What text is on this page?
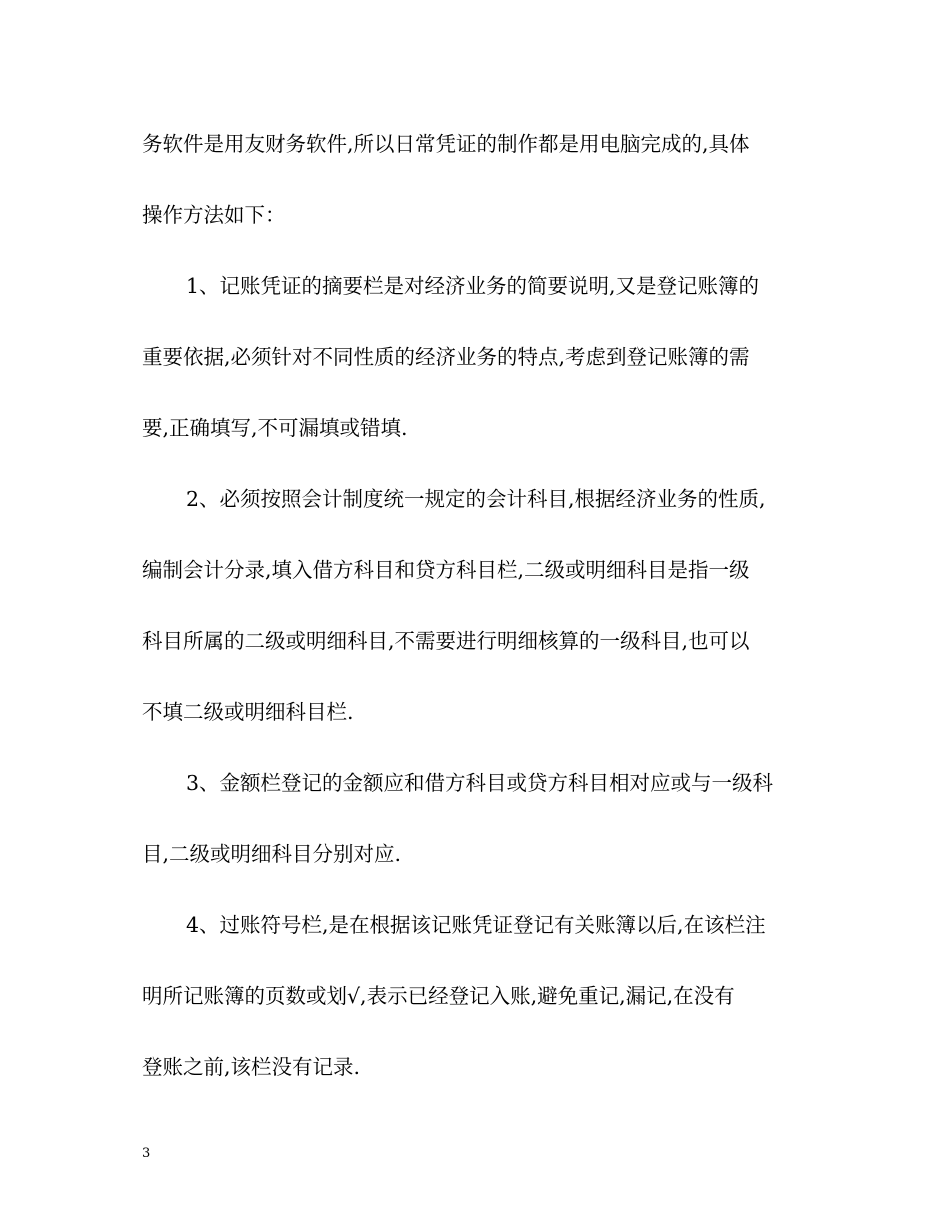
务软件是用友财务软件,所以日常凭证的制作都是用电脑完成的,具体
操作方法如下：
1、记账凭证的摘要栏是对经济业务的简要说明,又是登记账簿的
重要依据,必须针对不同性质的经济业务的特点,考虑到登记账簿的需
要,正确填写,不可漏填或错填.
2、必须按照会计制度统一规定的会计科目,根据经济业务的性质,
编制会计分录,填入借方科目和贷方科目栏,二级或明细科目是指一级
科目所属的二级或明细科目,不需要进行明细核算的一级科目,也可以
不填二级或明细科目栏.
3、金额栏登记的金额应和借方科目或贷方科目相对应或与一级科
目,二级或明细科目分别对应.
4、过账符号栏,是在根据该记账凭证登记有关账簿以后,在该栏注
明所记账簿的页数或划√,表示已经登记入账,避免重记,漏记,在没有
登账之前,该栏没有记录.
3
